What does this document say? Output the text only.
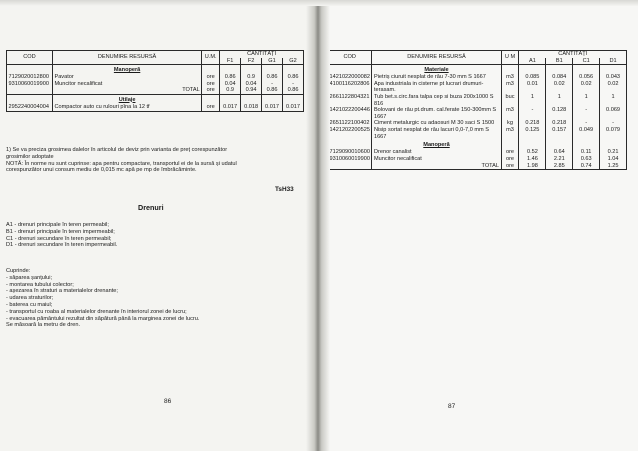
COD	DENUMIRE RESURSĂ	U.M.	CANTITĂȚI			
			F1	F2	G1	G2
	Manoperă					
7129020012800	Pavator	ore	0.86	0.9	0.86	0.86
9310060019900	Muncitor necalificat	ore	0.04	0.04	-	-
	TOTAL	ore	0.9	0.94	0.86	0.86
	Utilaje					
2952240004004	Compactor auto cu rulouri pîna la 12 tf	ore	0.017	0.018	0.017	0.017
1) Se va preciza grosimea dalelor în articolul de deviz prin varianta de preț corespunzător
grosimilor adoptate
NOTĂ: În norme nu sunt cuprinse: apa pentru compactare, transportul ei de la sursă și udatul
corespunzător unui consum mediu de 0,015 mc apă pe mp de îmbrăcăminte.
TsH33
Drenuri
A1 - drenuri principale în teren permeabil;
B1 - drenuri principale în teren impermeabil;
C1 - drenuri secundare în teren permeabil;
D1 - drenuri secundare în teren impermeabil.
Cuprinde:
- săparea șanțului;
- montarea tubului colector;
- așezarea în straturi a materialelor drenante;
- udarea straturilor;
- baterea cu maiul;
- transportul cu roaba al materialelor drenante în interiorul zonei de lucru;
- evacuarea pământului rezultat din săpătură până la marginea zonei de lucru.
Se măsoară la metru de dren.
86
COD	DENUMIRE RESURSĂ	U M	CANTITĂȚI			
			A1	B1	C1	D1
	Materiale					
1421022000082	Pietriș ciuruit nesplat de râu 7-30 mm S 1667	m3	0.085	0.084	0.056	0.043
4100116202806	Apa industriala in cisterne pt lucrari drumuri-terasam.	m3	0.01	0.02	0.02	0.02
2661122804321	Tub bet.s.circ.fara talpa cep si buza 200x1000 S 816	buc	1	1	1	1
1421022200446	Bolovani de râu pt.drum. cal.ferate 150-300mm S 1667	m3	-	0.128	-	0.069
2651122100402	Ciment metalurgic cu adaosuri M 30 saci S 1500	kg	0.218	0.218	-	-
1421202200525	Nisip sortat nesplat de râu lacuri 0,0-7,0 mm S 1667	m3	0.125	0.157	0.049	0.079
	Manoperă					
7129090010600	Drenor canalist	ore	0.52	0.64	0.11	0.21
9310060019900	Muncitor necalificat	ore	1.46	2.21	0.63	1.04
	TOTAL	ore	1.98	2.85	0.74	1.25
87
